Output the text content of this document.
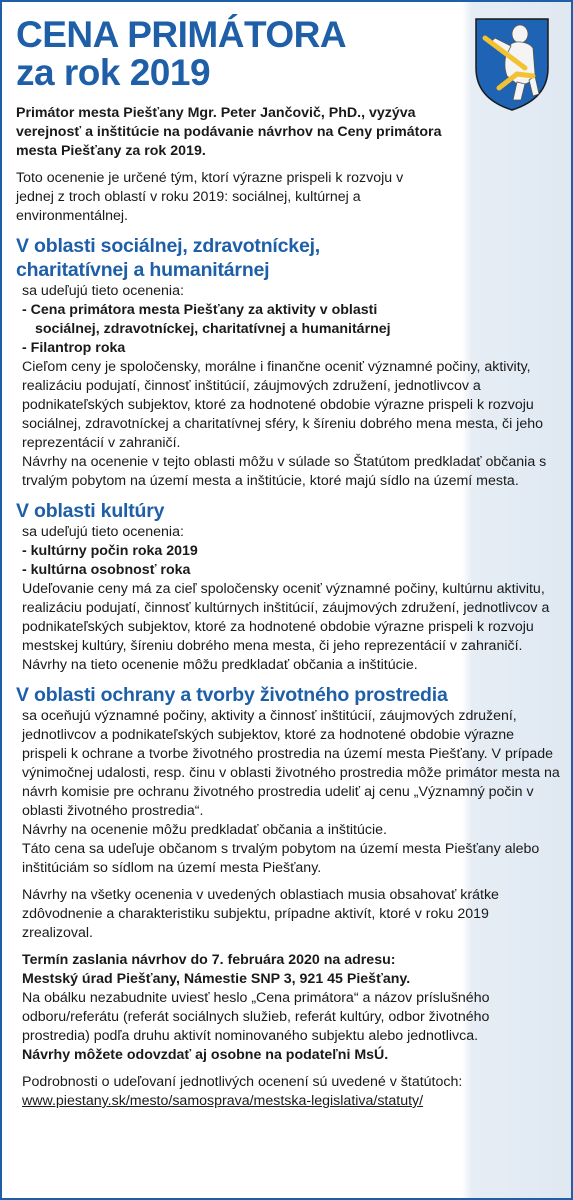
CENA PRIMÁTORA
za rok 2019

Primátor mesta Piešťany Mgr. Peter Jančovič, PhD., vyzýva verejnosť a inštitúcie na podávanie návrhov na Ceny primátora mesta Piešťany za rok 2019.

Toto ocenenie je určené tým, ktorí výrazne prispeli k rozvoju v jednej z troch oblastí v roku 2019: sociálnej, kultúrnej a environmentálnej.

V oblasti sociálnej, zdravotníckej,
charitatívnej a humanitárnej

sa udeľujú tieto ocenenia:

- Cena primátora mesta Piešťany za aktivity v oblasti

sociálnej, zdravotníckej, charitatívnej a humanitárnej

- Filantrop roka

Cieľom ceny je spoločensky, morálne i finančne oceniť významné počiny, aktivity, realizáciu podujatí, činnosť inštitúcií, záujmových združení, jednotlivcov a podnikateľských subjektov, ktoré za hodnotené obdobie výrazne prispeli k rozvoju sociálnej, zdravotníckej a charitatívnej sféry, k šíreniu dobrého mena mesta, či jeho reprezentácií v zahraničí.

Návrhy na ocenenie v tejto oblasti môžu v súlade so Štatútom predkladať občania s trvalým pobytom na území mesta a inštitúcie, ktoré majú sídlo na území mesta.

V oblasti kultúry

sa udeľujú tieto ocenenia:

- kultúrny počin roka 2019

- kultúrna osobnosť roka

Udeľovanie ceny má za cieľ spoločensky oceniť významné počiny, kultúrnu aktivitu, realizáciu podujatí, činnosť kultúrnych inštitúcií, záujmových združení, jednotlivcov a podnikateľských subjektov, ktoré za hodnotené obdobie výrazne prispeli k rozvoju mestskej kultúry, šíreniu dobrého mena mesta, či jeho reprezentácií v zahraničí.

Návrhy na tieto ocenenie môžu predkladať občania a inštitúcie.

V oblasti ochrany a tvorby životného prostredia

sa oceňujú významné počiny, aktivity a činnosť inštitúcií, záujmových združení, jednotlivcov a podnikateľských subjektov, ktoré za hodnotené obdobie výrazne prispeli k ochrane a tvorbe životného prostredia na území mesta Piešťany. V prípade výnimočnej udalosti, resp. činu v oblasti životného prostredia môže primátor mesta na návrh komisie pre ochranu životného prostredia udeliť aj cenu „Významný počin v oblasti životného prostredia“.

Návrhy na ocenenie môžu predkladať občania a inštitúcie.

Táto cena sa udeľuje občanom s trvalým pobytom na území mesta Piešťany alebo inštitúciám so sídlom na území mesta Piešťany.

Návrhy na všetky ocenenia v uvedených oblastiach musia obsahovať krátke zdôvodnenie a charakteristiku subjektu, prípadne aktivít, ktoré v roku 2019 zrealizoval.

Termín zaslania návrhov do 7. februára 2020 na adresu:

Mestský úrad Piešťany, Námestie SNP 3, 921 45 Piešťany.

Na obálku nezabudnite uviesť heslo „Cena primátora“ a názov príslušného odboru/referátu (referát sociálnych služieb, referát kultúry, odbor životného prostredia) podľa druhu aktivít nominovaného subjektu alebo jednotlivca.

Návrhy môžete odovzdať aj osobne na podateľni MsÚ.

Podrobnosti o udeľovaní jednotlivých ocenení sú uvedené v štatútoch:

www.piestany.sk/mesto/samosprava/mestska-legislativa/statuty/
